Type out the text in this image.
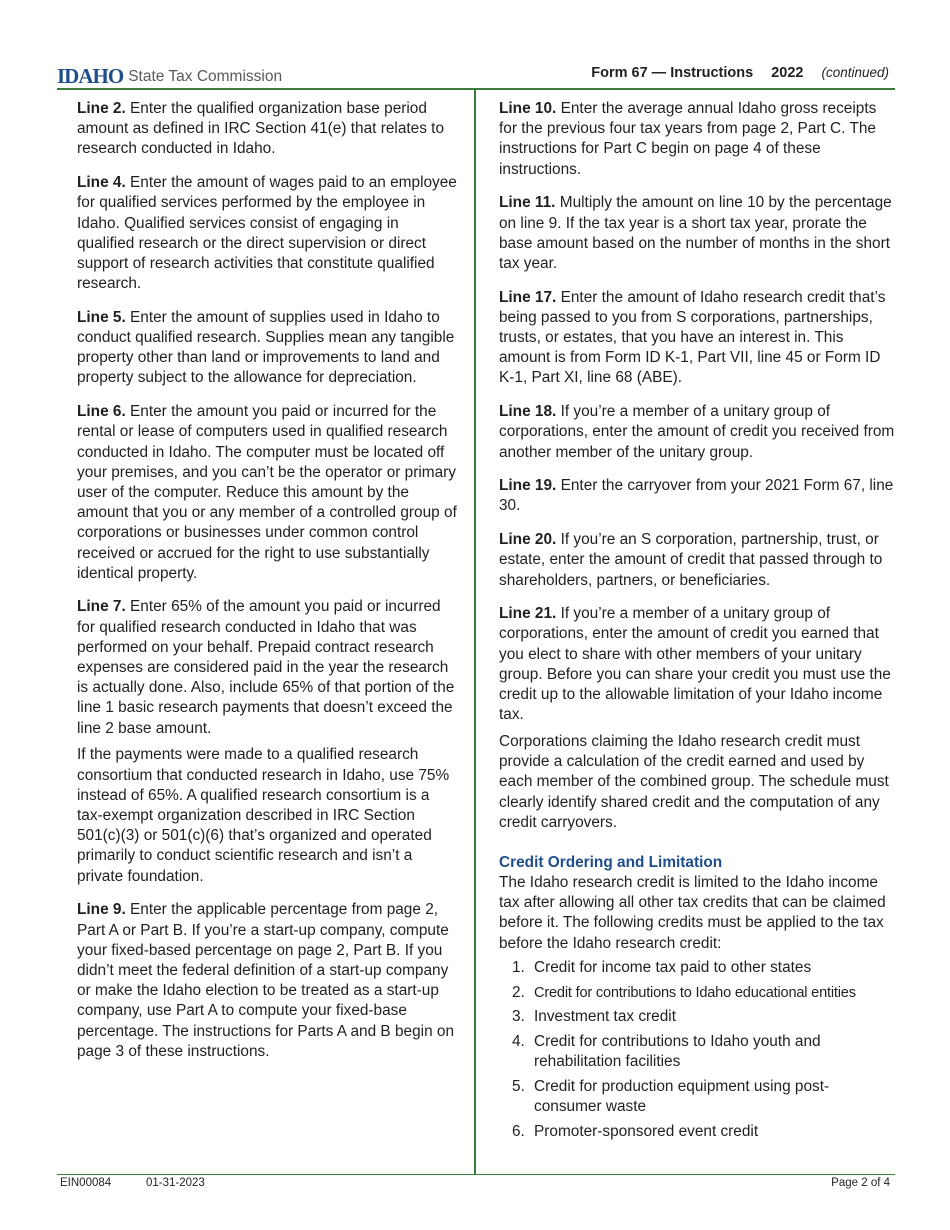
IDAHO State Tax Commission	Form 67 — Instructions 2022 (continued)

Line 2. Enter the qualified organization base period amount as defined in IRC Section 41(e) that relates to research conducted in Idaho.

Line 4. Enter the amount of wages paid to an employee for qualified services performed by the employee in Idaho. Qualified services consist of engaging in qualified research or the direct supervision or direct support of research activities that constitute qualified research.

Line 5. Enter the amount of supplies used in Idaho to conduct qualified research. Supplies mean any tangible property other than land or improvements to land and property subject to the allowance for depreciation.

Line 6. Enter the amount you paid or incurred for the rental or lease of computers used in qualified research conducted in Idaho. The computer must be located off your premises, and you can’t be the operator or primary user of the computer. Reduce this amount by the amount that you or any member of a controlled group of corporations or businesses under common control received or accrued for the right to use substantially identical property.

Line 7. Enter 65% of the amount you paid or incurred for qualified research conducted in Idaho that was performed on your behalf. Prepaid contract research expenses are considered paid in the year the research is actually done. Also, include 65% of that portion of the line 1 basic research payments that doesn’t exceed the line 2 base amount.

If the payments were made to a qualified research consortium that conducted research in Idaho, use 75% instead of 65%. A qualified research consortium is a tax-exempt organization described in IRC Section 501(c)(3) or 501(c)(6) that’s organized and operated primarily to conduct scientific research and isn’t a private foundation.

Line 9. Enter the applicable percentage from page 2, Part A or Part B. If you’re a start-up company, compute your fixed-based percentage on page 2, Part B. If you didn’t meet the federal definition of a start-up company or make the Idaho election to be treated as a start-up company, use Part A to compute your fixed-base percentage. The instructions for Parts A and B begin on page 3 of these instructions.

Line 10. Enter the average annual Idaho gross receipts for the previous four tax years from page 2, Part C. The instructions for Part C begin on page 4 of these instructions.

Line 11. Multiply the amount on line 10 by the percentage on line 9. If the tax year is a short tax year, prorate the base amount based on the number of months in the short tax year.

Line 17. Enter the amount of Idaho research credit that’s being passed to you from S corporations, partnerships, trusts, or estates, that you have an interest in. This amount is from Form ID K-1, Part VII, line 45 or Form ID K-1, Part XI, line 68 (ABE).

Line 18. If you’re a member of a unitary group of corporations, enter the amount of credit you received from another member of the unitary group.

Line 19. Enter the carryover from your 2021 Form 67, line 30.

Line 20. If you’re an S corporation, partnership, trust, or estate, enter the amount of credit that passed through to shareholders, partners, or beneficiaries.

Line 21. If you’re a member of a unitary group of corporations, enter the amount of credit you earned that you elect to share with other members of your unitary group. Before you can share your credit you must use the credit up to the allowable limitation of your Idaho income tax.

Corporations claiming the Idaho research credit must provide a calculation of the credit earned and used by each member of the combined group. The schedule must clearly identify shared credit and the computation of any credit carryovers.

Credit Ordering and Limitation

The Idaho research credit is limited to the Idaho income tax after allowing all other tax credits that can be claimed before it. The following credits must be applied to the tax before the Idaho research credit:

1. Credit for income tax paid to other states
2. Credit for contributions to Idaho educational entities
3. Investment tax credit
4. Credit for contributions to Idaho youth and rehabilitation facilities
5. Credit for production equipment using post-consumer waste
6. Promoter-sponsored event credit
EIN00084	01-31-2023	Page 2 of 4
